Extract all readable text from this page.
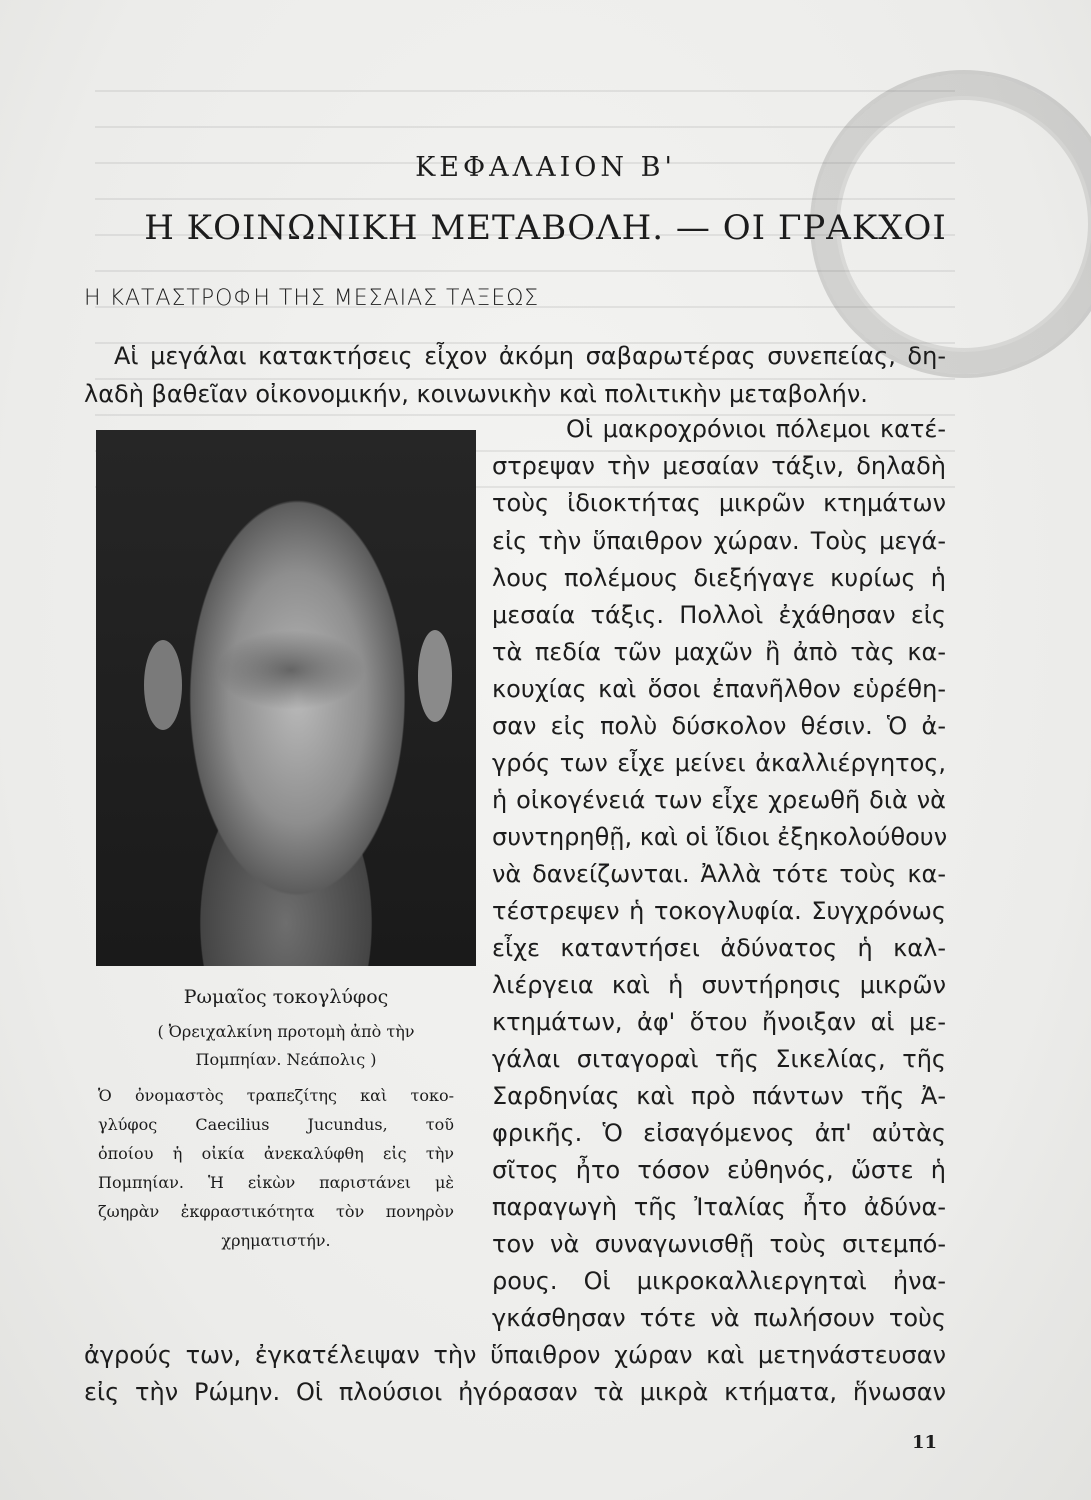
ΚΕΦΑΛΑΙΟΝ Β'
Η ΚΟΙΝΩΝΙΚΗ ΜΕΤΑΒΟΛΗ. — ΟΙ ΓΡΑΚΧΟΙ
Η ΚΑΤΑΣΤΡΟΦΗ ΤΗΣ ΜΕΣΑΙΑΣ ΤΑΞΕΩΣ
Αἱ μεγάλαι κατακτήσεις εἶχον ἀκόμη σαβαρωτέρας συνεπείας, δη-
λαδὴ βαθεῖαν οἰκονομικήν, κοινωνικὴν καὶ πολιτικὴν μεταβολήν.
Οἱ μακροχρόνιοι πόλεμοι κατέ-
στρεψαν τὴν μεσαίαν τάξιν, δηλαδὴ
τοὺς ἰδιοκτήτας μικρῶν κτημάτων
εἰς τὴν ὕπαιθρον χώραν. Τοὺς μεγά-
λους πολέμους διεξήγαγε κυρίως ἡ
μεσαία τάξις. Πολλοὶ ἐχάθησαν εἰς
τὰ πεδία τῶν μαχῶν ἢ ἀπὸ τὰς κα-
κουχίας καὶ ὅσοι ἐπανῆλθον εὑρέθη-
σαν εἰς πολὺ δύσκολον θέσιν. Ὁ ἀ-
γρός των εἶχε μείνει ἀκαλλιέργητος,
ἡ οἰκογένειά των εἶχε χρεωθῆ διὰ νὰ
συντηρηθῇ, καὶ οἱ ἴδιοι ἐξηκολούθουν
νὰ δανείζωνται. Ἀλλὰ τότε τοὺς κα-
τέστρεψεν ἡ τοκογλυφία. Συγχρόνως
εἶχε καταντήσει ἀδύνατος ἡ καλ-
λιέργεια καὶ ἡ συντήρησις μικρῶν
κτημάτων, ἀφ' ὅτου ἤνοιξαν αἱ με-
γάλαι σιταγοραὶ τῆς Σικελίας, τῆς
Σαρδηνίας καὶ πρὸ πάντων τῆς Ἀ-
φρικῆς. Ὁ εἰσαγόμενος ἀπ' αὐτὰς
σῖτος ἦτο τόσον εὐθηνός, ὥστε ἡ
παραγωγὴ τῆς Ἰταλίας ἦτο ἀδύνα-
τον νὰ συναγωνισθῇ τοὺς σιτεμπό-
ρους. Οἱ μικροκαλλιεργηταὶ ἠνα-
γκάσθησαν τότε νὰ πωλήσουν τοὺς
Ρωμαῖος τοκογλύφος
( Ὀρειχαλκίνη προτομὴ ἀπὸ τὴν
Πομπηίαν. Νεάπολις )
Ὁ ὀνομαστὸς τραπεζίτης καὶ τοκο-
γλύφος Caecilius Jucundus, τοῦ
ὁποίου ἡ οἰκία ἀνεκαλύφθη εἰς τὴν
Πομπηίαν. Ἡ εἰκὼν παριστάνει μὲ
ζωηρὰν ἐκφραστικότητα τὸν πονηρὸν
χρηματιστήν.
ἀγρούς των, ἐγκατέλειψαν τὴν ὕπαιθρον χώραν καὶ μετηνάστευσαν
εἰς τὴν Ρώμην. Οἱ πλούσιοι ἠγόρασαν τὰ μικρὰ κτήματα, ἥνωσαν
11
